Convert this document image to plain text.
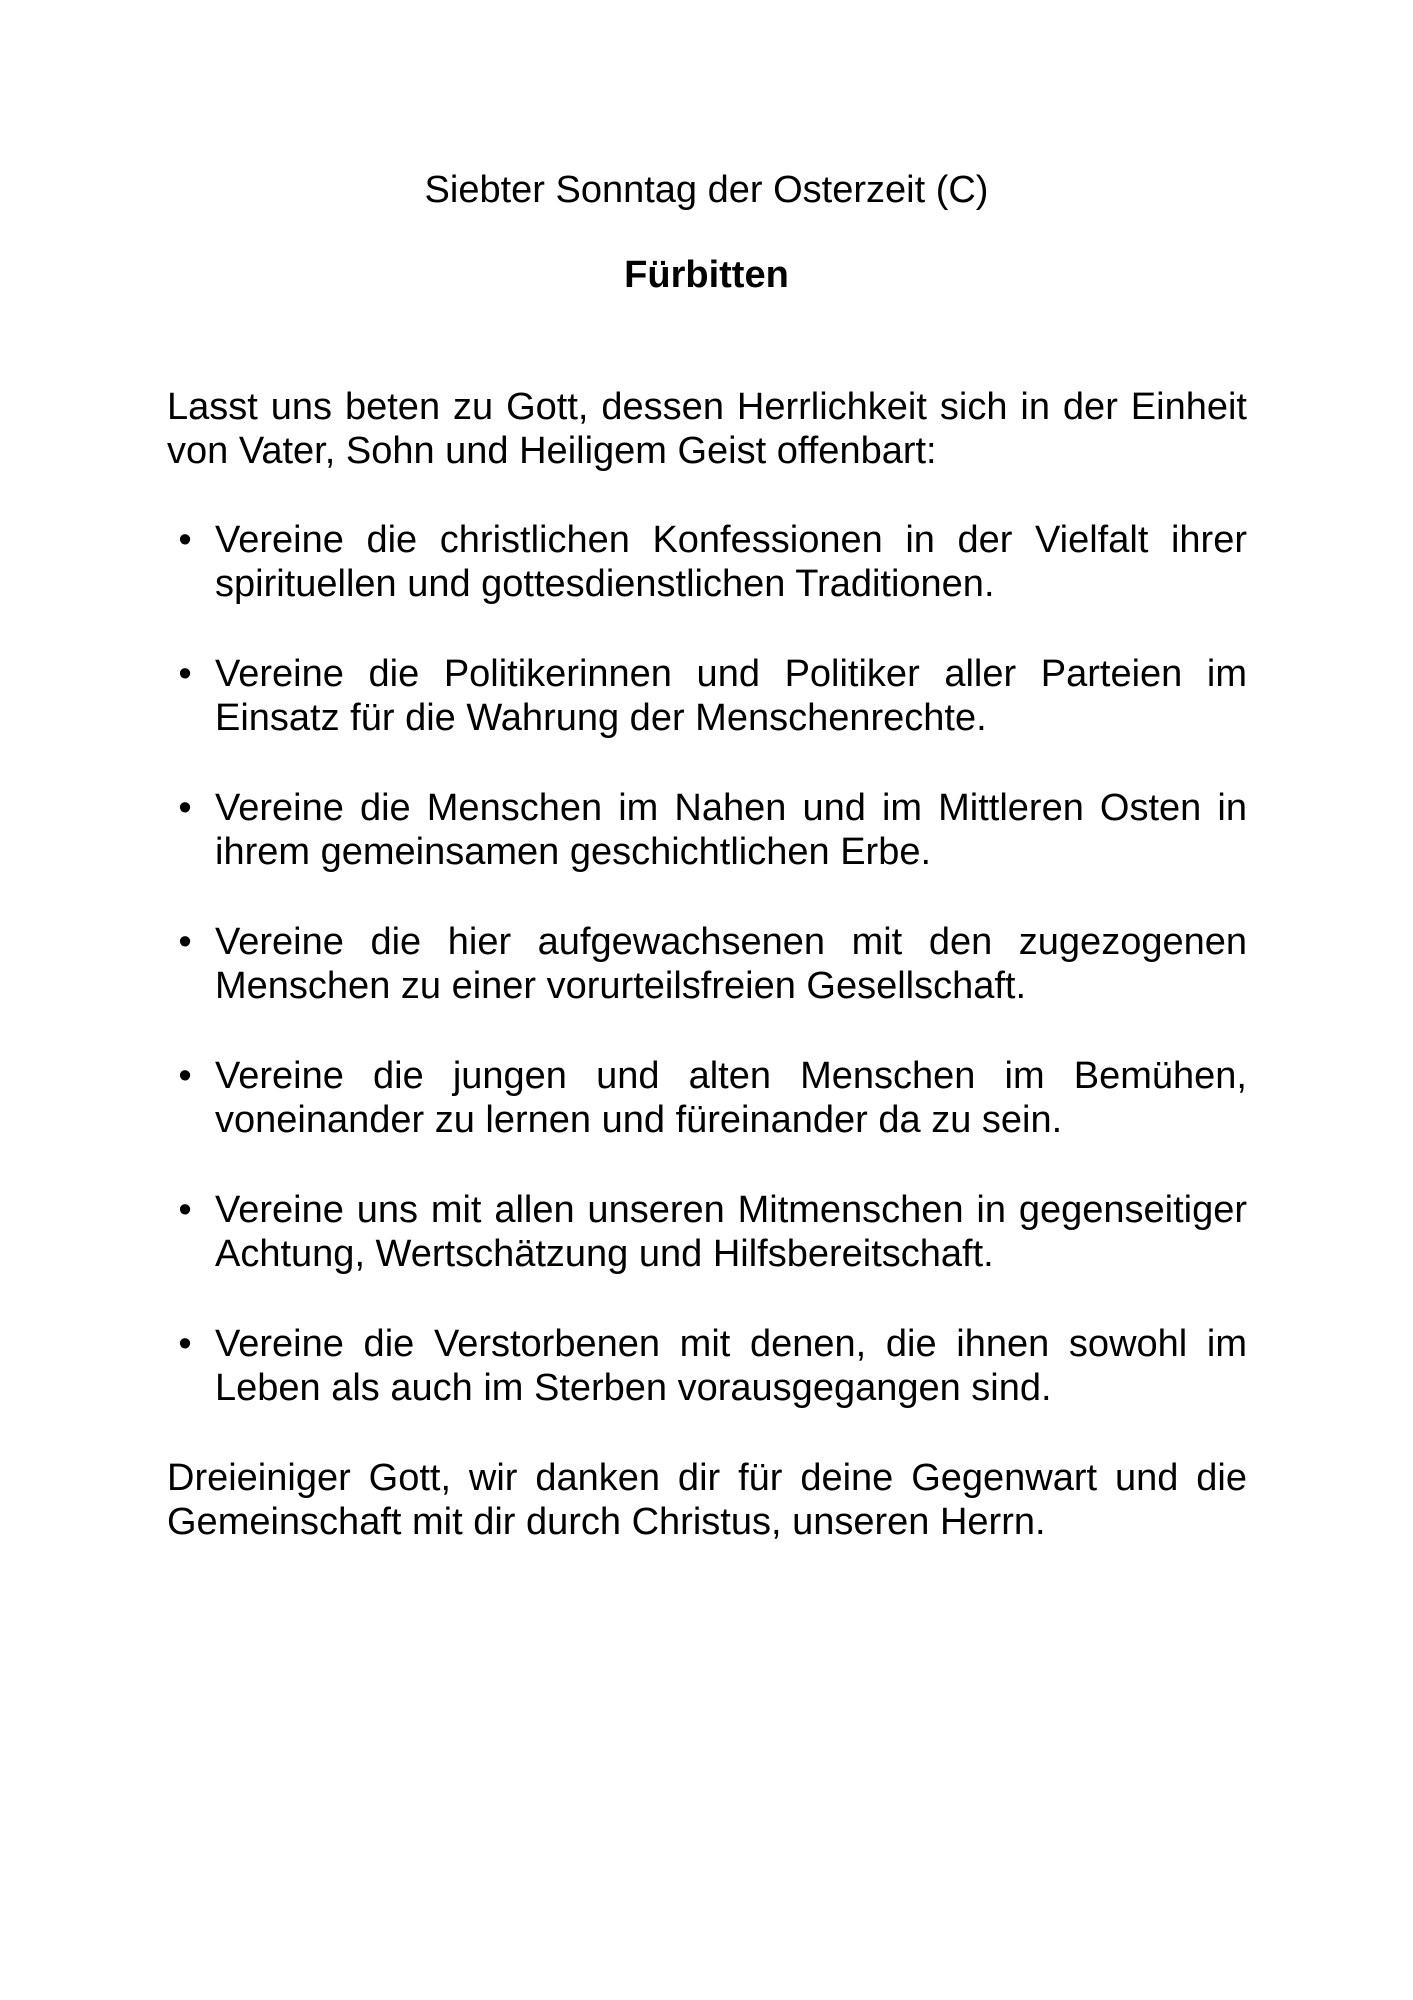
Siebter Sonntag der Osterzeit (C)
Fürbitten

Lasst uns beten zu Gott, dessen Herrlichkeit sich in der Einheit von Vater, Sohn und Heiligem Geist offenbart:

• Vereine die christlichen Konfessionen in der Vielfalt ihrer spirituellen und gottesdienstlichen Traditionen.
• Vereine die Politikerinnen und Politiker aller Parteien im Einsatz für die Wahrung der Menschenrechte.
• Vereine die Menschen im Nahen und im Mittleren Osten in ihrem gemeinsamen geschichtlichen Erbe.
• Vereine die hier aufgewachsenen mit den zugezogenen Menschen zu einer vorurteilsfreien Gesellschaft.
• Vereine die jungen und alten Menschen im Bemühen, voneinander zu lernen und füreinander da zu sein.
• Vereine uns mit allen unseren Mitmenschen in gegenseitiger Achtung, Wertschätzung und Hilfsbereitschaft.
• Vereine die Verstorbenen mit denen, die ihnen sowohl im Leben als auch im Sterben vorausgegangen sind.

Dreieiniger Gott, wir danken dir für deine Gegenwart und die Gemeinschaft mit dir durch Christus, unseren Herrn.
